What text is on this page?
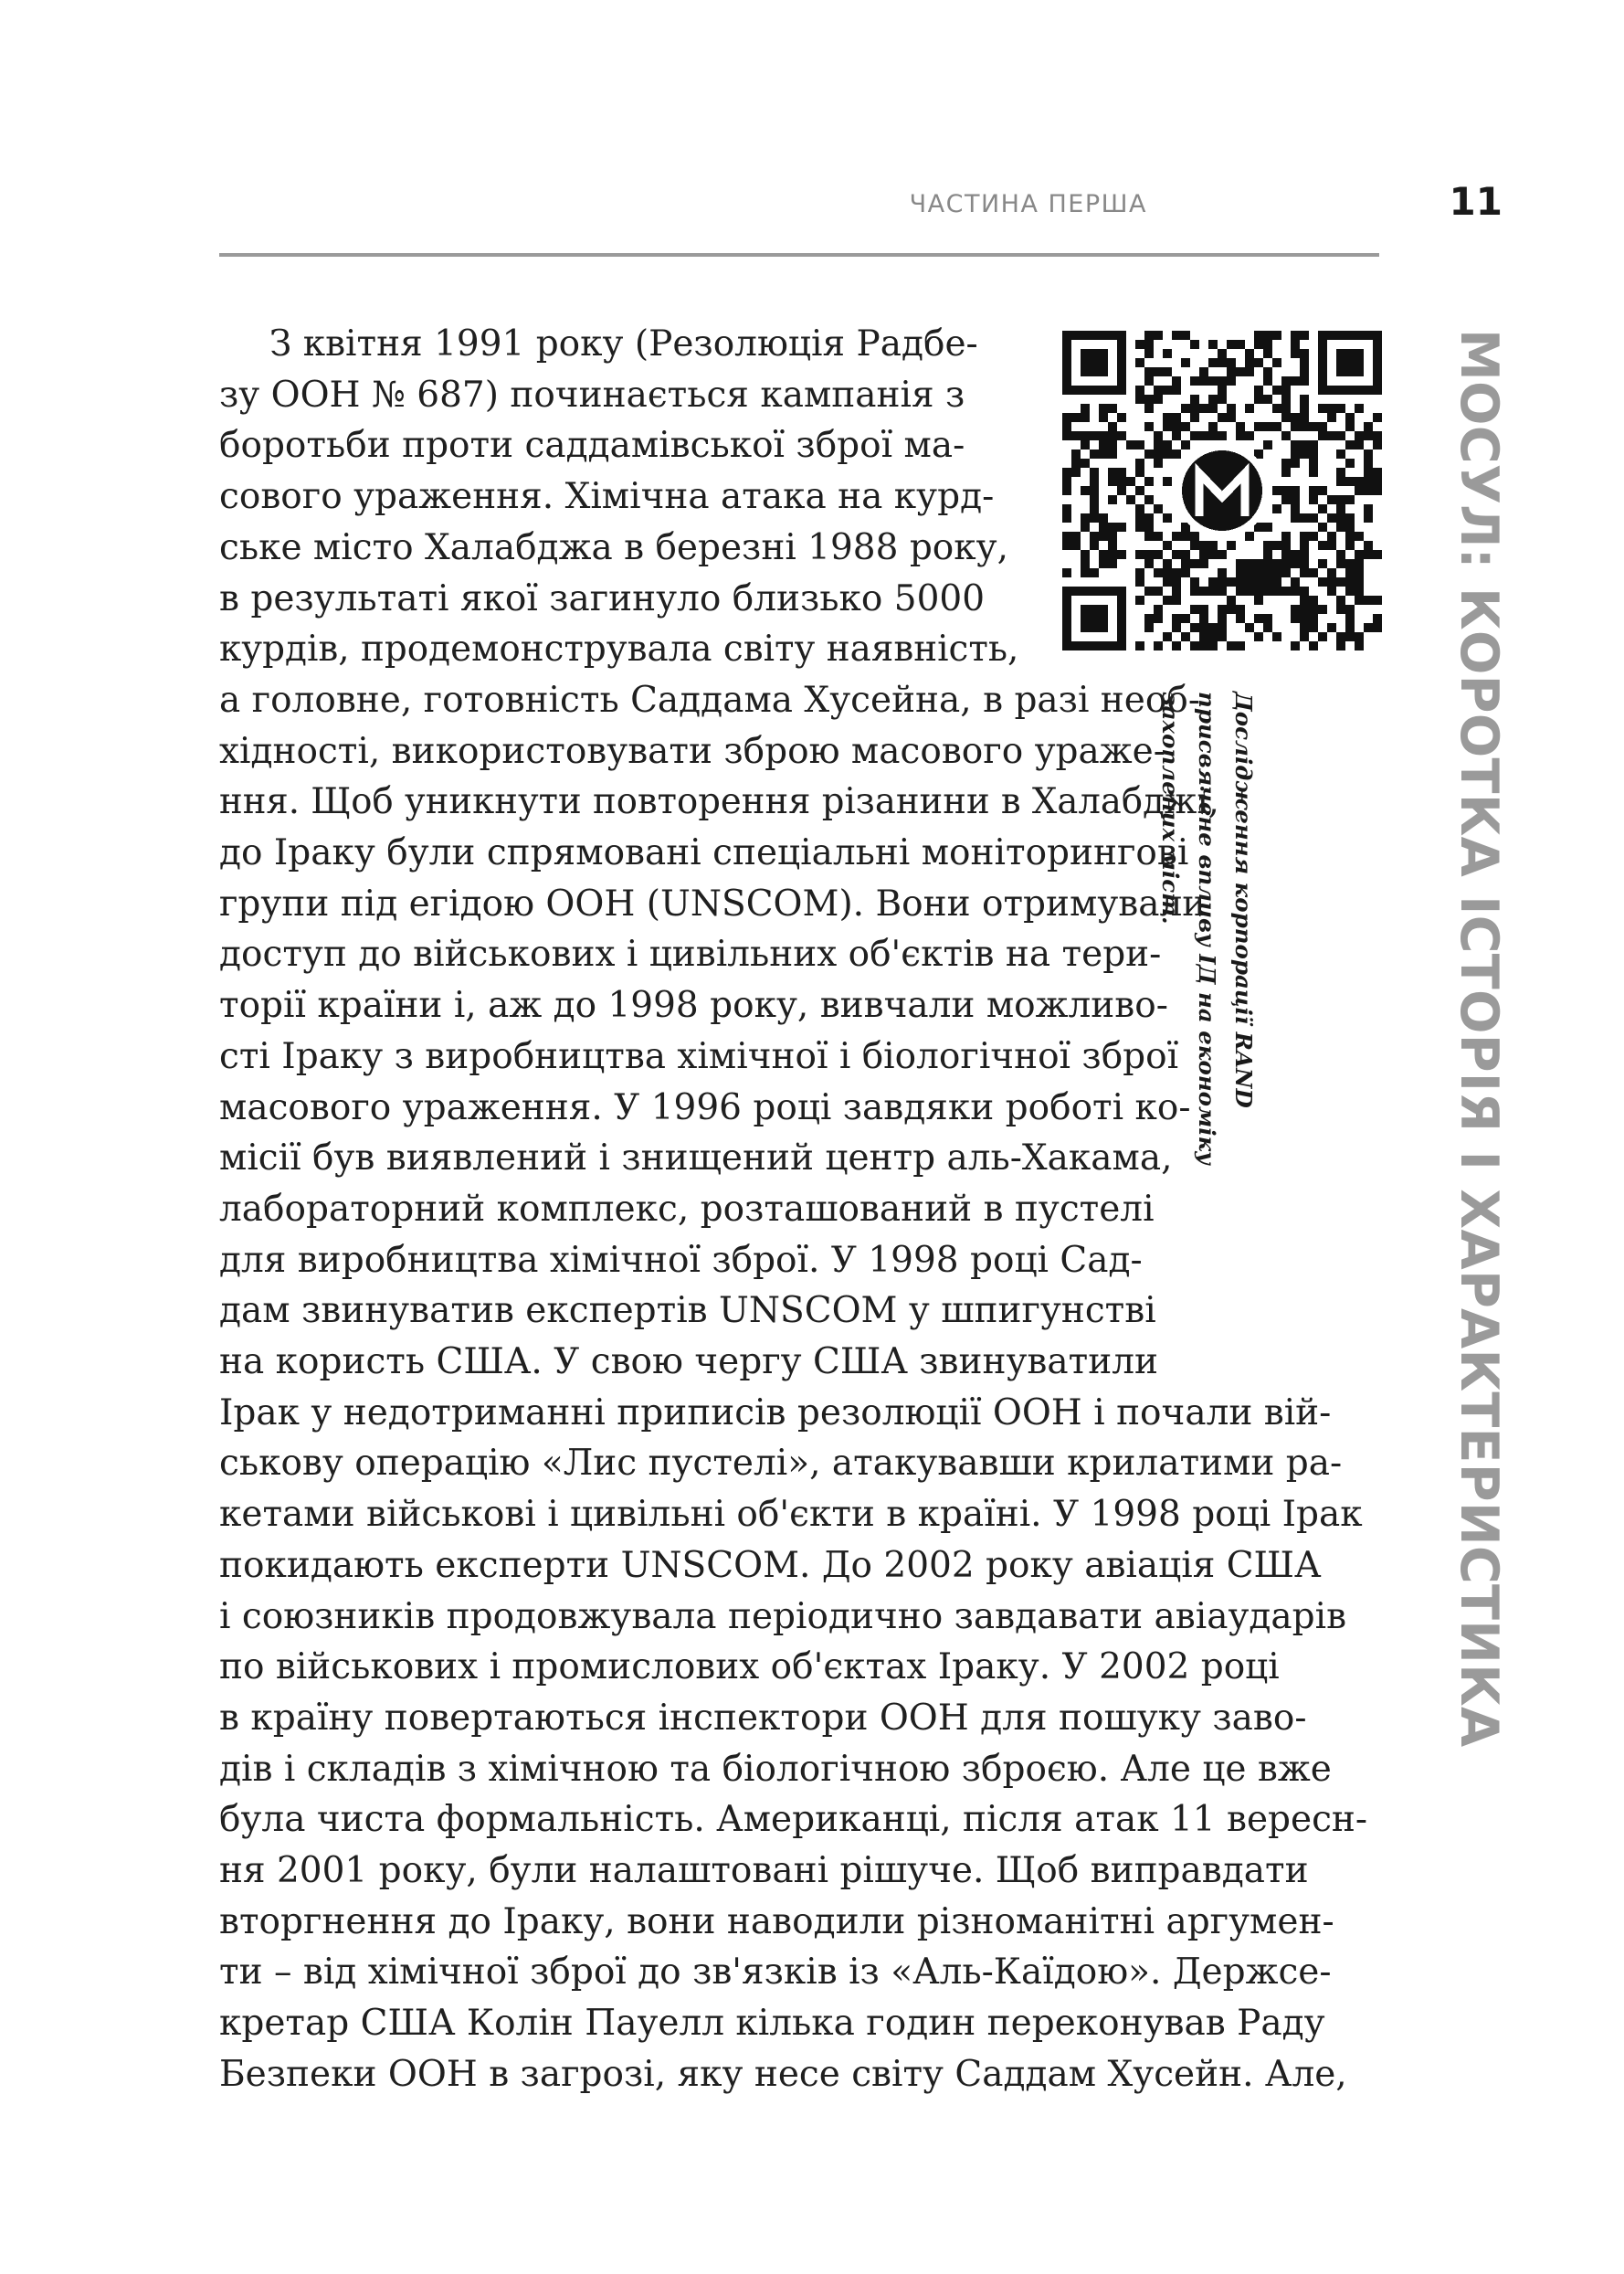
ЧАСТИНА ПЕРША	11
Дослідження корпорації RAND присвячене впливу ІД на економіку захоплених міст.	МОСУЛ: КОРОТКА ІСТОРІЯ І ХАРАКТЕРИСТИКА
З квітня 1991 року (Резолюція Радбе-
зу ООН № 687) починається кампанія з
боротьби проти саддамівської зброї ма-
сового ураження. Хімічна атака на курд-
ське місто Халабджа в березні 1988 року,
в результаті якої загинуло близько 5000
курдів, продемонструвала світу наявність,
а головне, готовність Саддама Хусейна, в разі необ-
хідності, використовувати зброю масового ураже-
ння. Щоб уникнути повторення різанини в Халабджі,
до Іраку були спрямовані спеціальні моніторингові
групи під егідою ООН (UNSCOM). Вони отримували
доступ до військових і цивільних об'єктів на тери-
торії країни і, аж до 1998 року, вивчали можливо-
сті Іраку з виробництва хімічної і біологічної зброї
масового ураження. У 1996 році завдяки роботі ко-
місії був виявлений і знищений центр аль-Хакама,
лабораторний комплекс, розташований в пустелі
для виробництва хімічної зброї. У 1998 році Сад-
дам звинуватив експертів UNSCOM у шпигунстві
на користь США. У свою чергу США звинуватили
Ірак у недотриманні приписів резолюції ООН і почали вій-
ськову операцію «Лис пустелі», атакувавши крилатими ра-
кетами військові і цивільні об'єкти в країні. У 1998 році Ірак
покидають експерти UNSCOM. До 2002 року авіація США
і союзників продовжувала періодично завдавати авіаударів
по військових і промислових об'єктах Іраку. У 2002 році
в країну повертаються інспектори ООН для пошуку заво-
дів і складів з хімічною та біологічною зброєю. Але це вже
була чиста формальність. Американці, після атак 11 вересн-
ня 2001 року, були налаштовані рішуче. Щоб виправдати
вторгнення до Іраку, вони наводили різноманітні аргумен-
ти – від хімічної зброї до зв'язків із «Аль-Каїдою». Держсе-
кретар США Колін Пауелл кілька годин переконував Раду
Безпеки ООН в загрозі, яку несе світу Саддам Хусейн. Але,
